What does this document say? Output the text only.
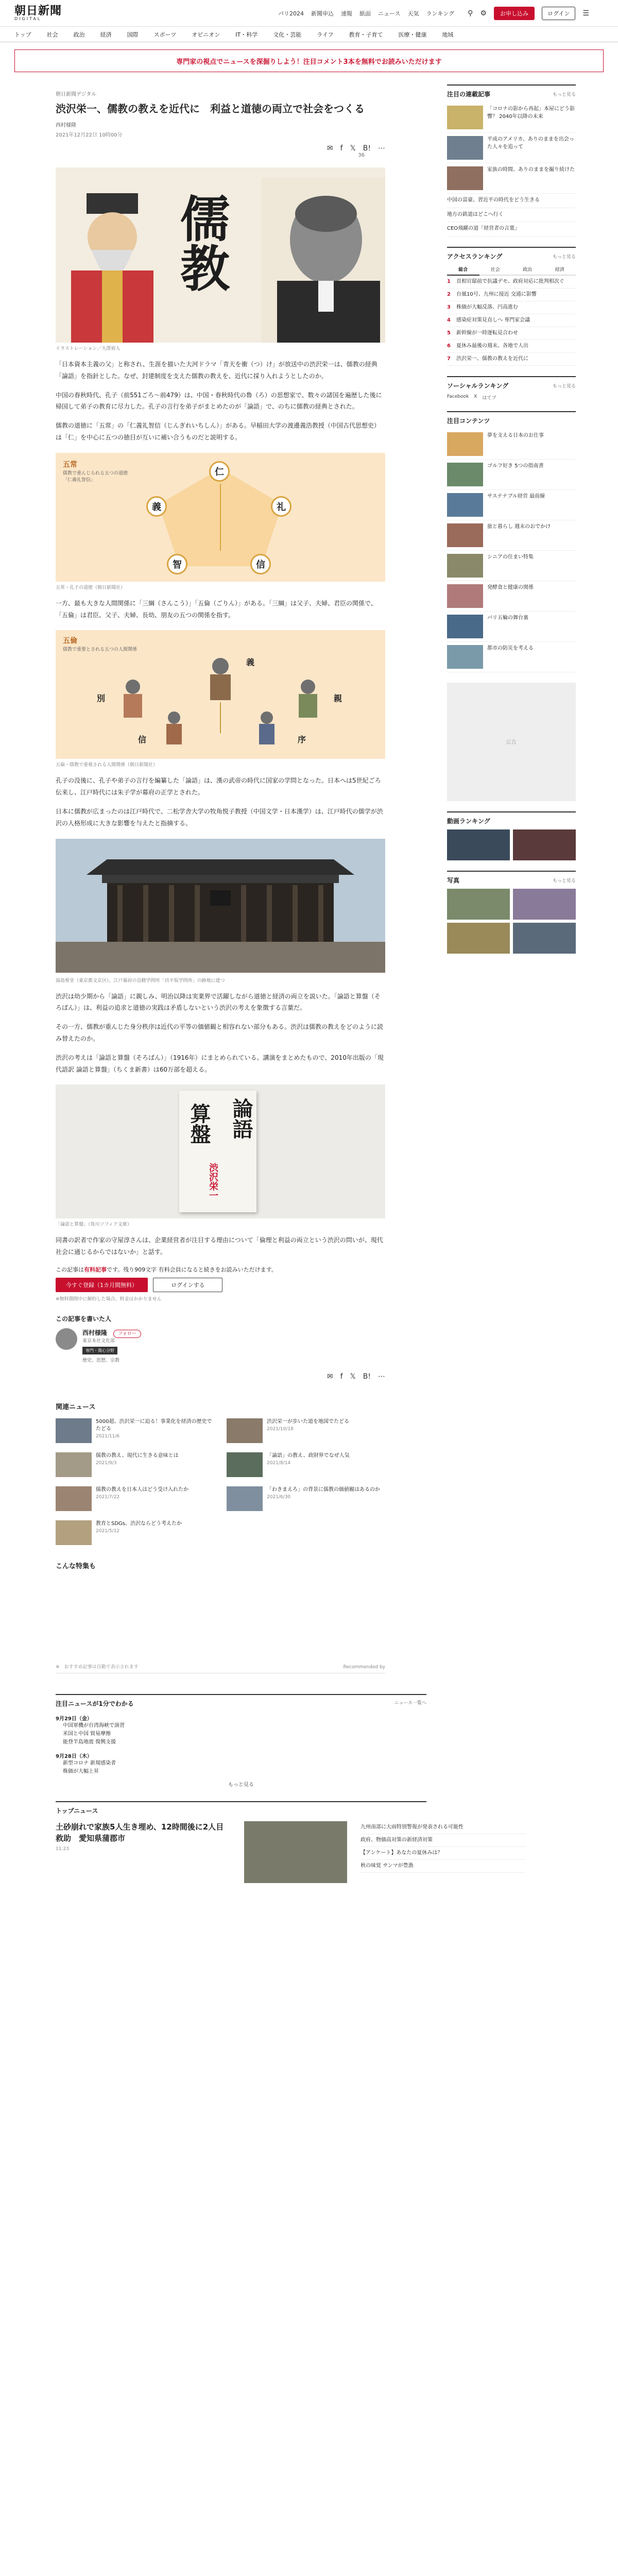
朝日新聞
DIGITAL
パリ2024 新聞申込 速報 紙面 ニュース 天気 ランキング ⚲ ⚙	お申し込み	ログイン	☰
トップ	社会	政治	経済	国際	スポーツ	オピニオン	IT・科学	文化・芸能	ライフ	教育・子育て	医療・健康	地域
専門家の視点でニュースを深掘りしよう！注目コメント3本を無料でお読みいただけます
朝日新聞デジタル
渋沢栄一、儒教の教えを近代に　利益と道徳の両立で社会をつくる
西村様隆
2021年12月22日 10時00分
✉ f 𝕏 B! ⋯
36
儒教
イラストレーション／大澤裕人

「日本資本主義の父」と称され、生涯を描いた大河ドラマ「青天を衝（つ）け」が放送中の渋沢栄一は、儒教の経典「論語」を指針とした。なぜ、封建制度を支えた儒教の教えを、近代に採り入れようとしたのか。

中国の春秋時代、孔子（前551ごろ〜前479）は、中国・春秋時代の魯（ろ）の思想家で、数々の諸国を遍歴した後に帰国して弟子の教育に尽力した。孔子の言行を弟子がまとめたのが「論語」で、のちに儒教の経典とされた。

儒教の道徳に「五常」の「仁義礼智信（じんぎれいちしん）」がある。早稲田大学の渡邊義浩教授（中国古代思想史）は「仁」を中心に五つの徳目が互いに補い合うものだと説明する。

五常
儒教で重んじられる五つの道徳「仁義礼智信」
仁
義	礼
智	信
五常・孔子の道徳（朝日新聞社）

一方、最も大きな人間関係に「三綱（さんこう）」「五倫（ごりん）」がある。「三綱」は父子、夫婦、君臣の関係で、「五倫」は君臣、父子、夫婦、長幼、朋友の五つの関係を指す。

五倫
儒教で重要とされる五つの人間関係
義
別	親
序
信
五倫・儒教で重視される人間関係（朝日新聞社）

孔子の没後に、孔子や弟子の言行を編纂した「論語」は、漢の武帝の時代に国家の学問となった。日本へは5世紀ごろ伝来し、江戸時代には朱子学が幕府の正学とされた。

日本に儒教が広まったのは江戸時代で、二松学舎大学の牧角悦子教授（中国文学・日本漢学）は、江戸時代の儒学が渋沢の人格形成に大きな影響を与えたと指摘する。

湯島聖堂（東京都文京区）。江戸幕府の直轄学問所「昌平坂学問所」の跡地に建つ

渋沢は幼少期から「論語」に親しみ、明治以降は実業界で活躍しながら道徳と経済の両立を説いた。「論語と算盤（そろばん）」は、利益の追求と道徳の実践は矛盾しないという渋沢の考えを象徴する言葉だ。

その一方、儒教が重んじた身分秩序は近代の平等の価値観と相容れない部分もある。渋沢は儒教の教えをどのように読み替えたのか。

渋沢の考えは「論語と算盤（そろばん）」（1916年）にまとめられている。講演をまとめたもので、2010年出版の「現代語訳 論語と算盤」（ちくま新書）は60万部を超える。

論語
算盤
渋沢栄一
「論語と算盤」（角川ソフィア文庫）

同書の訳者で作家の守屋淳さんは、企業経営者が注目する理由について「倫理と利益の両立という渋沢の問いが、現代社会に通じるからではないか」と話す。

この記事は有料記事です。残り909文字 有料会員になると続きをお読みいただけます。
今すぐ登録（1カ月間無料）	ログインする
※無料期間中に解約した場合、料金はかかりません
この記事を書いた人
西村様隆 フォロー
東京本社文化部
専門・関心分野
歴史、思想、宗教
✉ f 𝕏 B! ⋯
関連ニュース
5000超、渋沢栄一に迫る！事業化を経済の歴史でたどる
2021/11/6
渋沢栄一が歩いた道を地図でたどる
2021/10/18
儒教の教え、現代に生きる意味とは
2021/9/3
「論語」の教え、政財界でなぜ人気
2021/8/14
儒教の教えを日本人はどう受け入れたか
2021/7/22
「わきまえろ」の背景に儒教の価値観はあるのか
2021/6/30
教育とSDGs、渋沢ならどう考えたか
2021/5/12
こんな特集も
※　おすすめ記事は自動で表示されます	Recommended by
注目の連載記事	もっと見る
「コロナの影から再起」本屋にどう影響？ 2040年以降の未来
平成のアメリカ、ありのままを出会った人々を追って
家族の時間、ありのままを撮り続けた
中国の富豪、習近平の時代をどう生きる
地方の鉄道はどこへ行く
CEO飛躍の道「経営者の言葉」
アクセスランキング	もっと見る
総合	社会	政治	経済
1	首相官邸前で抗議デモ、政府対応に批判相次ぐ
2	台風10号、九州に接近 交通に影響
3	株価が大幅反落、円高進む
4	感染症対策見直しへ 専門家会議
5	新幹線が一時運転見合わせ
6	夏休み最後の週末、各地で人出
7	渋沢栄一、儒教の教えを近代に
ソーシャルランキング	もっと見る
Facebook X はてブ
注目コンテンツ
夢を支える日本のお仕事
ゴルフ好き 5つの指南書
サステナブル経営 最前線
旅と暮らし 週末のおでかけ
シニアの住まい特集
発酵食と健康の関係
パリ五輪の舞台裏
都市の防災を考える
広告
動画ランキング
写真	もっと見る
注目ニュースが1分でわかる	ニュース一覧へ
9月29日（金）
中国軍機が台湾海峡で演習
米国と中国 貿易摩擦
能登半島地震 復興支援
9月28日（木）
新型コロナ 新規感染者
株価が大幅上昇
もっと見る
トップニュース
土砂崩れで家族5人生き埋め、12時間後に2人目救助　愛知県蒲郡市
11:23
九州南部に大雨特別警報が発表される可能性
政府、物価高対策の新経済対策
【アンケート】あなたの夏休みは？
秋の味覚 サンマが豊漁
